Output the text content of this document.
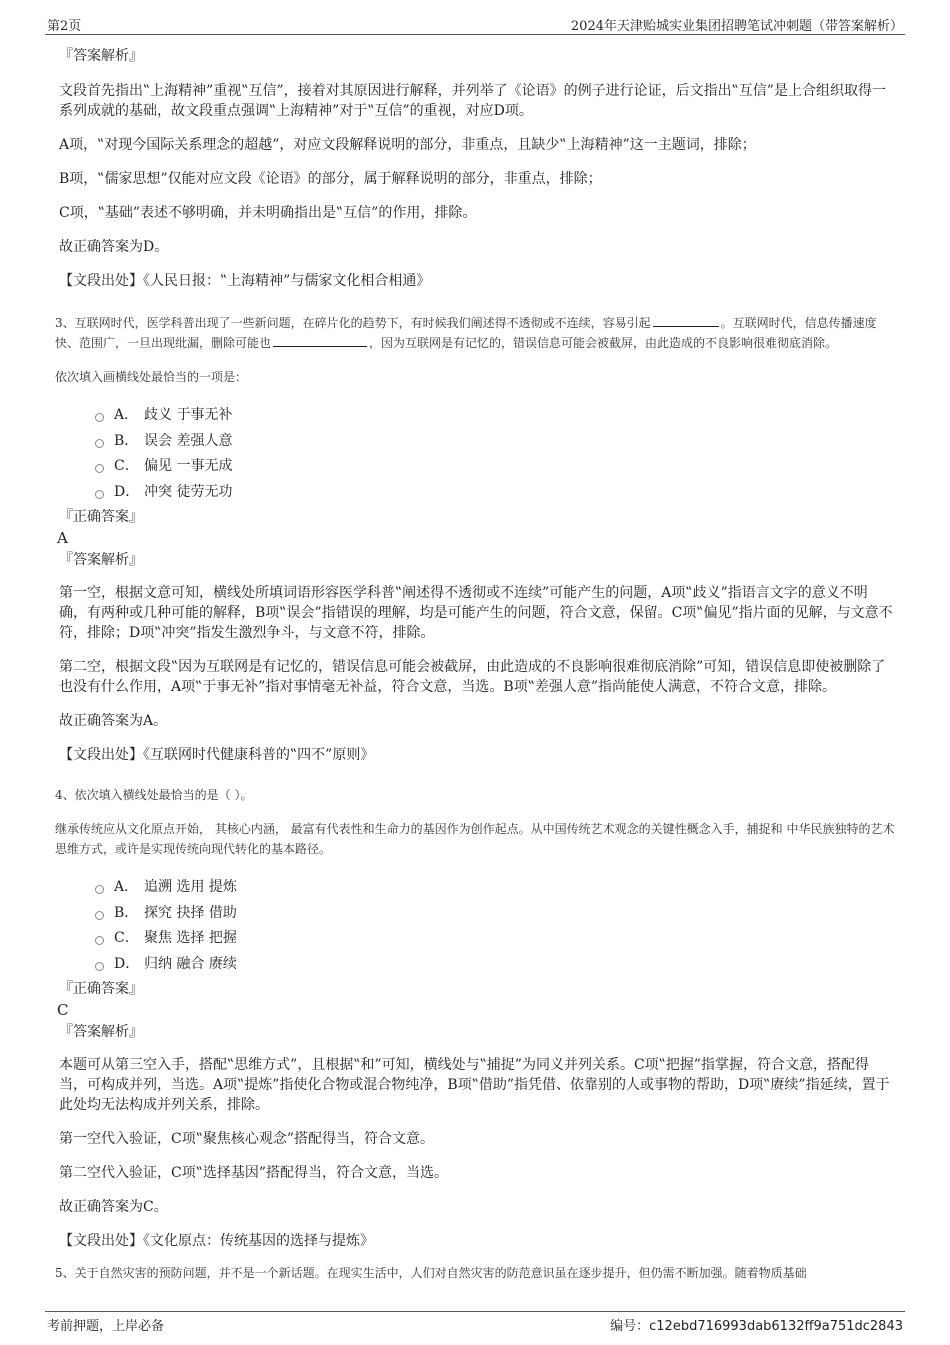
第2页	2024年天津贻城实业集团招聘笔试冲刺题（带答案解析）
『答案解析』

文段首先指出‟上海精神”重视‟互信”，接着对其原因进行解释，并列举了《论语》的例子进行论证，后文指出‟互信”是上合组织取得一系列成就的基础，故文段重点强调‟上海精神”对于‟互信”的重视，对应D项。

A项，‟对现今国际关系理念的超越”，对应文段解释说明的部分，非重点，且缺少‟上海精神”这一主题词，排除；

B项，‟儒家思想”仅能对应文段《论语》的部分，属于解释说明的部分，非重点，排除；

C项，‟基础”表述不够明确，并未明确指出是‟互信”的作用，排除。

故正确答案为D。

【文段出处】《人民日报：‟上海精神”与儒家文化相合相通》

3、互联网时代，医学科普出现了一些新问题，在碎片化的趋势下，有时候我们阐述得不透彻或不连续，容易引起	。互联网时代，信息传播速度快、范围广，一旦出现纰漏，删除可能也	，因为互联网是有记忆的，错误信息可能会被截屏，由此造成的不良影响很难彻底消除。

依次填入画横线处最恰当的一项是：

A． 歧义 于事无补
B． 误会 差强人意
C． 偏见 一事无成
D． 冲突 徒劳无功
『正确答案』
A
『答案解析』

第一空，根据文意可知，横线处所填词语形容医学科普‟阐述得不透彻或不连续”可能产生的问题，A项‟歧义”指语言文字的意义不明确，有两种或几种可能的解释，B项‟误会”指错误的理解，均是可能产生的问题，符合文意，保留。C项‟偏见”指片面的见解，与文意不符，排除；D项‟冲突”指发生激烈争斗，与文意不符，排除。

第二空，根据文段‟因为互联网是有记忆的，错误信息可能会被截屏，由此造成的不良影响很难彻底消除”可知，错误信息即使被删除了也没有什么作用，A项‟于事无补”指对事情毫无补益，符合文意，当选。B项‟差强人意”指尚能使人满意，不符合文意，排除。

故正确答案为A。

【文段出处】《互联网时代健康科普的‟四不”原则》

4、依次填入横线处最恰当的是（ ）。

继承传统应从文化原点开始， 其核心内涵， 最富有代表性和生命力的基因作为创作起点。从中国传统艺术观念的关键性概念入手，捕捉和 中华民族独特的艺术思维方式，或许是实现传统向现代转化的基本路径。

A． 追溯 选用 提炼
B． 探究 抉择 借助
C． 聚焦 选择 把握
D． 归纳 融合 赓续
『正确答案』
C
『答案解析』

本题可从第三空入手，搭配‟思维方式”，且根据‟和”可知，横线处与‟捕捉”为同义并列关系。C项‟把握”指掌握，符合文意，搭配得当，可构成并列，当选。A项‟提炼”指使化合物或混合物纯净，B项‟借助”指凭借、依靠别的人或事物的帮助，D项‟赓续”指延续，置于此处均无法构成并列关系，排除。

第一空代入验证，C项‟聚焦核心观念”搭配得当，符合文意。

第二空代入验证，C项‟选择基因”搭配得当，符合文意，当选。

故正确答案为C。

【文段出处】《文化原点：传统基因的选择与提炼》

5、关于自然灾害的预防问题，并不是一个新话题。在现实生活中，人们对自然灾害的防范意识虽在逐步提升，但仍需不断加强。随着物质基础

考前押题，上岸必备	编号：c12ebd716993dab6132ff9a751dc2843
